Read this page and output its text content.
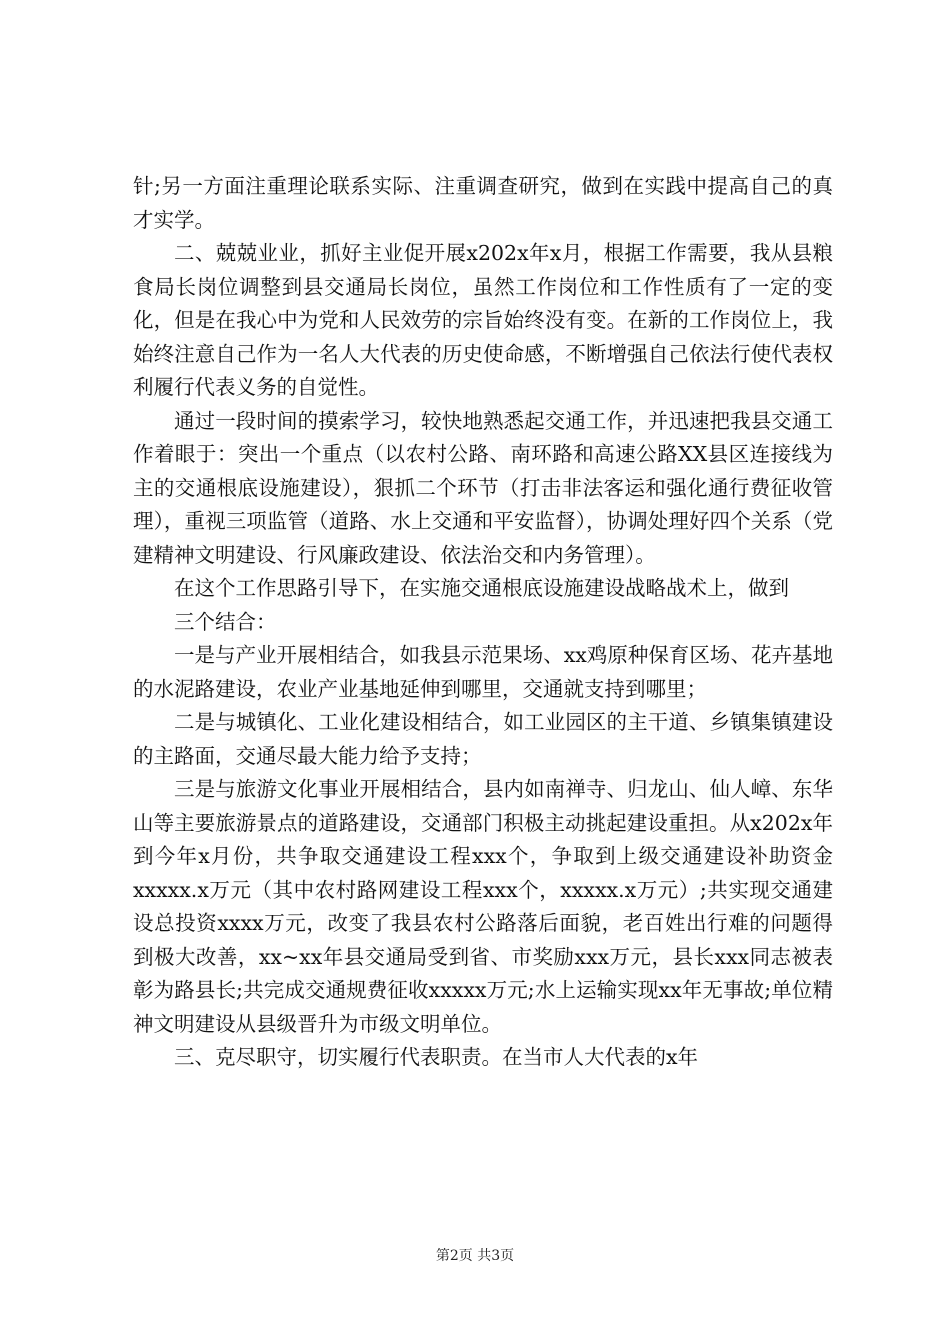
针;另一方面注重理论联系实际、注重调查研究，做到在实践中提高自己的真才实学。

二、兢兢业业，抓好主业促开展x202x年x月，根据工作需要，我从县粮食局长岗位调整到县交通局长岗位，虽然工作岗位和工作性质有了一定的变化，但是在我心中为党和人民效劳的宗旨始终没有变。在新的工作岗位上，我始终注意自己作为一名人大代表的历史使命感，不断增强自己依法行使代表权利履行代表义务的自觉性。

通过一段时间的摸索学习，较快地熟悉起交通工作，并迅速把我县交通工作着眼于：突出一个重点（以农村公路、南环路和高速公路XX县区连接线为主的交通根底设施建设），狠抓二个环节（打击非法客运和强化通行费征收管理），重视三项监管（道路、水上交通和平安监督），协调处理好四个关系（党建精神文明建设、行风廉政建设、依法治交和内务管理）。

在这个工作思路引导下，在实施交通根底设施建设战略战术上，做到

三个结合：

一是与产业开展相结合，如我县示范果场、xx鸡原种保育区场、花卉基地的水泥路建设，农业产业基地延伸到哪里，交通就支持到哪里；

二是与城镇化、工业化建设相结合，如工业园区的主干道、乡镇集镇建设的主路面，交通尽最大能力给予支持；

三是与旅游文化事业开展相结合，县内如南禅寺、归龙山、仙人嶂、东华山等主要旅游景点的道路建设，交通部门积极主动挑起建设重担。从x202x年到今年x月份，共争取交通建设工程xxx个，争取到上级交通建设补助资金xxxxx.x万元（其中农村路网建设工程xxx个，xxxxx.x万元）;共实现交通建设总投资xxxx万元，改变了我县农村公路落后面貌，老百姓出行难的问题得到极大改善，xx~xx年县交通局受到省、市奖励xxx万元，县长xxx同志被表彰为路县长;共完成交通规费征收xxxxx万元;水上运输实现xx年无事故;单位精神文明建设从县级晋升为市级文明单位。

三、克尽职守，切实履行代表职责。在当市人大代表的x年

第2页 共3页
